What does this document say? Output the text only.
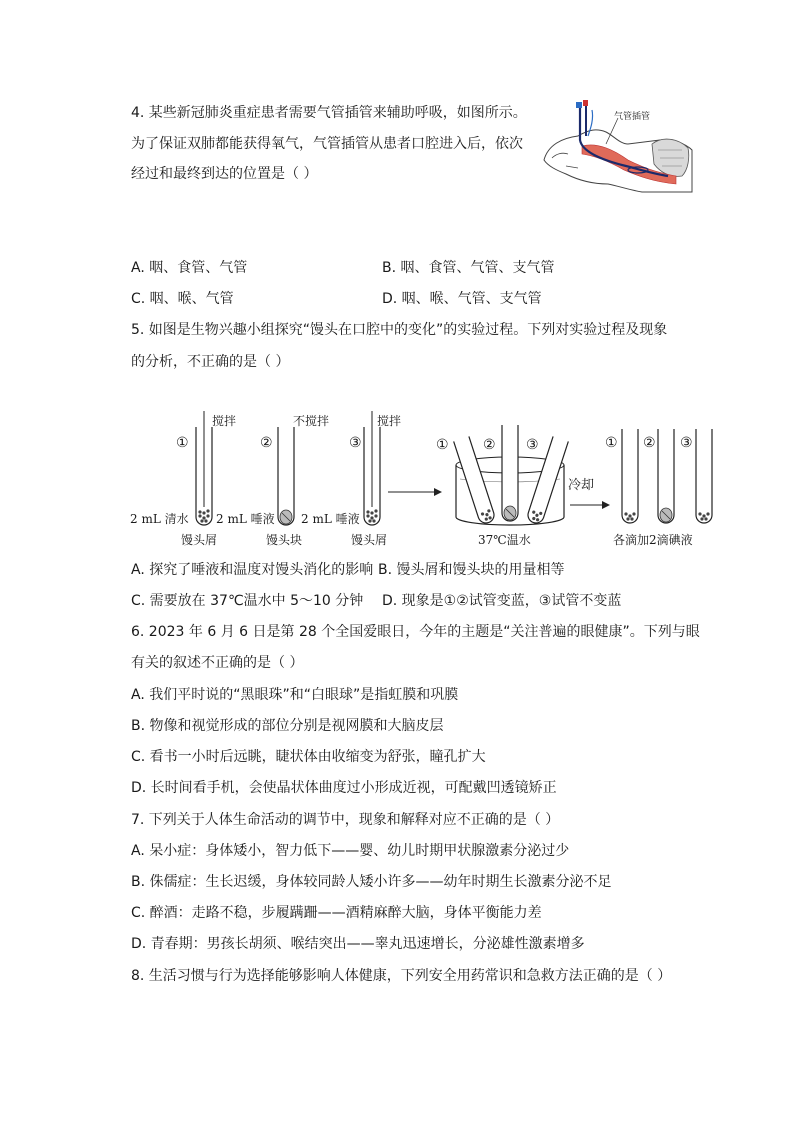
4. 某些新冠肺炎重症患者需要气管插管来辅助呼吸，如图所示。
为了保证双肺都能获得氧气，气管插管从患者口腔进入后，依次
经过和最终到达的位置是（ ）
气管插管
A. 咽、食管、气管	B. 咽、食管、气管、支气管
C. 咽、喉、气管	D. 咽、喉、气管、支气管
5. 如图是生物兴趣小组探究“馒头在口腔中的变化”的实验过程。下列对实验过程及现象
的分析，不正确的是（ ）
①	②	③
搅拌	不搅拌	搅拌
2 mL 清水 2 mL 唾液 2 mL 唾液
馒头屑	馒头块	馒头屑	37℃温水
冷却
各滴加2滴碘液
① ② ③	① ② ③
A. 探究了唾液和温度对馒头消化的影响 B. 馒头屑和馒头块的用量相等
C. 需要放在 37℃温水中 5～10 分钟 D. 现象是①②试管变蓝，③试管不变蓝
6. 2023 年 6 月 6 日是第 28 个全国爱眼日，今年的主题是“关注普遍的眼健康”。下列与眼
有关的叙述不正确的是（ ）
A. 我们平时说的“黑眼珠”和“白眼球”是指虹膜和巩膜
B. 物像和视觉形成的部位分别是视网膜和大脑皮层
C. 看书一小时后远眺，睫状体由收缩变为舒张，瞳孔扩大
D. 长时间看手机，会使晶状体曲度过小形成近视，可配戴凹透镜矫正
7. 下列关于人体生命活动的调节中，现象和解释对应不正确的是（ ）
A. 呆小症：身体矮小，智力低下——婴、幼儿时期甲状腺激素分泌过少
B. 侏儒症：生长迟缓，身体较同龄人矮小许多——幼年时期生长激素分泌不足
C. 醉酒：走路不稳，步履蹒跚——酒精麻醉大脑，身体平衡能力差
D. 青春期：男孩长胡须、喉结突出——睾丸迅速增长，分泌雄性激素增多
8. 生活习惯与行为选择能够影响人体健康，下列安全用药常识和急救方法正确的是（ ）
